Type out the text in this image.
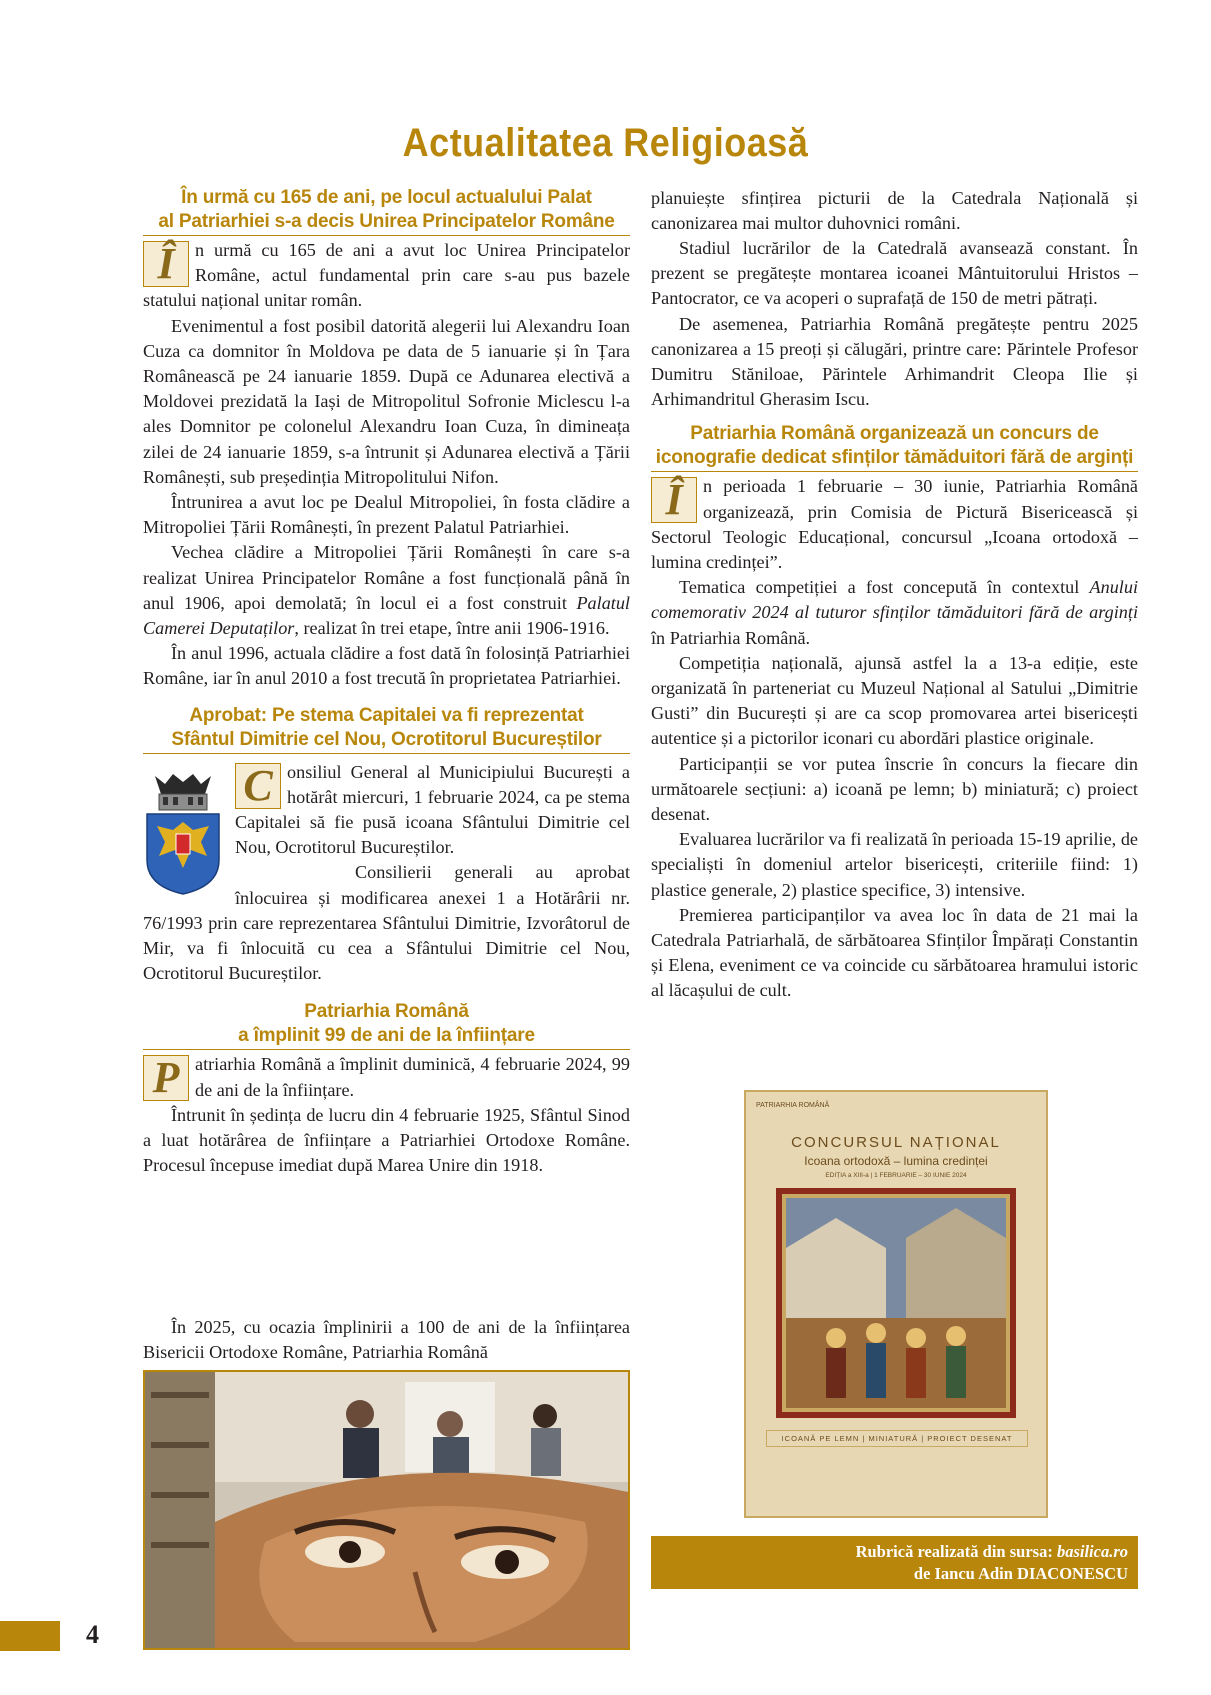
Actualitatea Religioasă
În urmă cu 165 de ani, pe locul actualului Palat
al Patriarhiei s-a decis Unirea Principatelor Române
Î	n urmă cu 165 de ani a avut loc Unirea Principatelor Române, actul fundamental prin care s-au pus bazele statului național unitar român.

Evenimentul a fost posibil datorită alegerii lui Alexandru Ioan Cuza ca domnitor în Moldova pe data de 5 ianuarie și în Țara Românească pe 24 ianuarie 1859. După ce Adunarea electivă a Moldovei prezidată la Iași de Mitropolitul Sofronie Miclescu l-a ales Domnitor pe colonelul Alexandru Ioan Cuza, în dimineața zilei de 24 ianuarie 1859, s-a întrunit și Adunarea electivă a Țării Românești, sub președinția Mitropolitului Nifon.

Întrunirea a avut loc pe Dealul Mitropoliei, în fosta clădire a Mitropoliei Țării Românești, în prezent Palatul Patriarhiei.

Vechea clădire a Mitropoliei Țării Românești în care s-a realizat Unirea Principatelor Române a fost funcțională până în anul 1906, apoi demolată; în locul ei a fost construit Palatul Camerei Deputaților, realizat în trei etape, între anii 1906-1916.

În anul 1996, actuala clădire a fost dată în folosință Patriarhiei Române, iar în anul 2010 a fost trecută în proprietatea Patriarhiei.

Aprobat: Pe stema Capitalei va fi reprezentat
Sfântul Dimitrie cel Nou, Ocrotitorul Bucureștilor
C onsiliul General al Municipiului București a hotărât miercuri, 1 februarie 2024, ca pe stema Capitalei să fie pusă icoana Sfântului Dimitrie cel Nou, Ocrotitorul Bucureștilor.

Consilierii generali au aprobat înlocuirea și modificarea anexei 1 a Hotărârii nr. 76/1993 prin care reprezentarea Sfântului Dimitrie, Izvorâtorul de Mir, va fi înlocuită cu cea a Sfântului Dimitrie cel Nou, Ocrotitorul Bucureștilor.

Patriarhia Română
a împlinit 99 de ani de la înființare
P atriarhia Română a împlinit duminică, 4 februarie 2024, 99 de ani de la înființare.

Întrunit în ședința de lucru din 4 februarie 1925, Sfântul Sinod a luat hotărârea de înființare a Patriarhiei Ortodoxe Române. Procesul începuse imediat după Marea Unire din 1918.

În 2025, cu ocazia împlinirii a 100 de ani de la înființarea Bisericii Ortodoxe Române, Patriarhia Română

planuiește sfințirea picturii de la Catedrala Națională și canonizarea mai multor duhovnici români.

Stadiul lucrărilor de la Catedrală avansează constant. În prezent se pregătește montarea icoanei Mântuitorului Hristos – Pantocrator, ce va acoperi o suprafață de 150 de metri pătrați.

De asemenea, Patriarhia Română pregătește pentru 2025 canonizarea a 15 preoți și călugări, printre care: Părintele Profesor Dumitru Stăniloae, Părintele Arhimandrit Cleopa Ilie și Arhimandritul Gherasim Iscu.

Patriarhia Română organizează un concurs de
iconografie dedicat sfinților tămăduitori fără de arginți
Î	n perioada 1 februarie – 30 iunie, Patriarhia Română organizează, prin Comisia de Pictură Bisericească și Sectorul Teologic Educațional, concursul „Icoana ortodoxă – lumina credinței”.

Tematica competiției a fost concepută în contextul Anului comemorativ 2024 al tuturor sfinților tămăduitori fără de arginți în Patriarhia Română.

Competiția națională, ajunsă astfel la a 13-a ediție, este organizată în parteneriat cu Muzeul Național al Satului „Dimitrie Gusti” din București și are ca scop promovarea artei bisericești autentice și a pictorilor iconari cu abordări plastice originale.

Participanții se vor putea înscrie în concurs la fiecare din următoarele secțiuni: a) icoană pe lemn; b) miniatură; c) proiect desenat.

Evaluarea lucrărilor va fi realizată în perioada 15-19 aprilie, de specialiști în domeniul artelor bisericești, criteriile fiind: 1) plastice generale, 2) plastice specifice, 3) intensive.

Premierea participanților va avea loc în data de 21 mai la Catedrala Patriarhală, de sărbătoarea Sfinților Împărați Constantin și Elena, eveniment ce va coincide cu sărbătoarea hramului istoric al lăcașului de cult.

PATRIARHIA ROMÂNĂ
CONCURSUL NAȚIONAL
Icoana ortodoxă – lumina credinței
EDIȚIA a XIII-a | 1 FEBRUARIE – 30 IUNIE 2024
ICOANĂ PE LEMN | MINIATURĂ | PROIECT DESENAT
Rubrică realizată din sursa: basilica.ro
de Iancu Adin DIACONESCU
4
